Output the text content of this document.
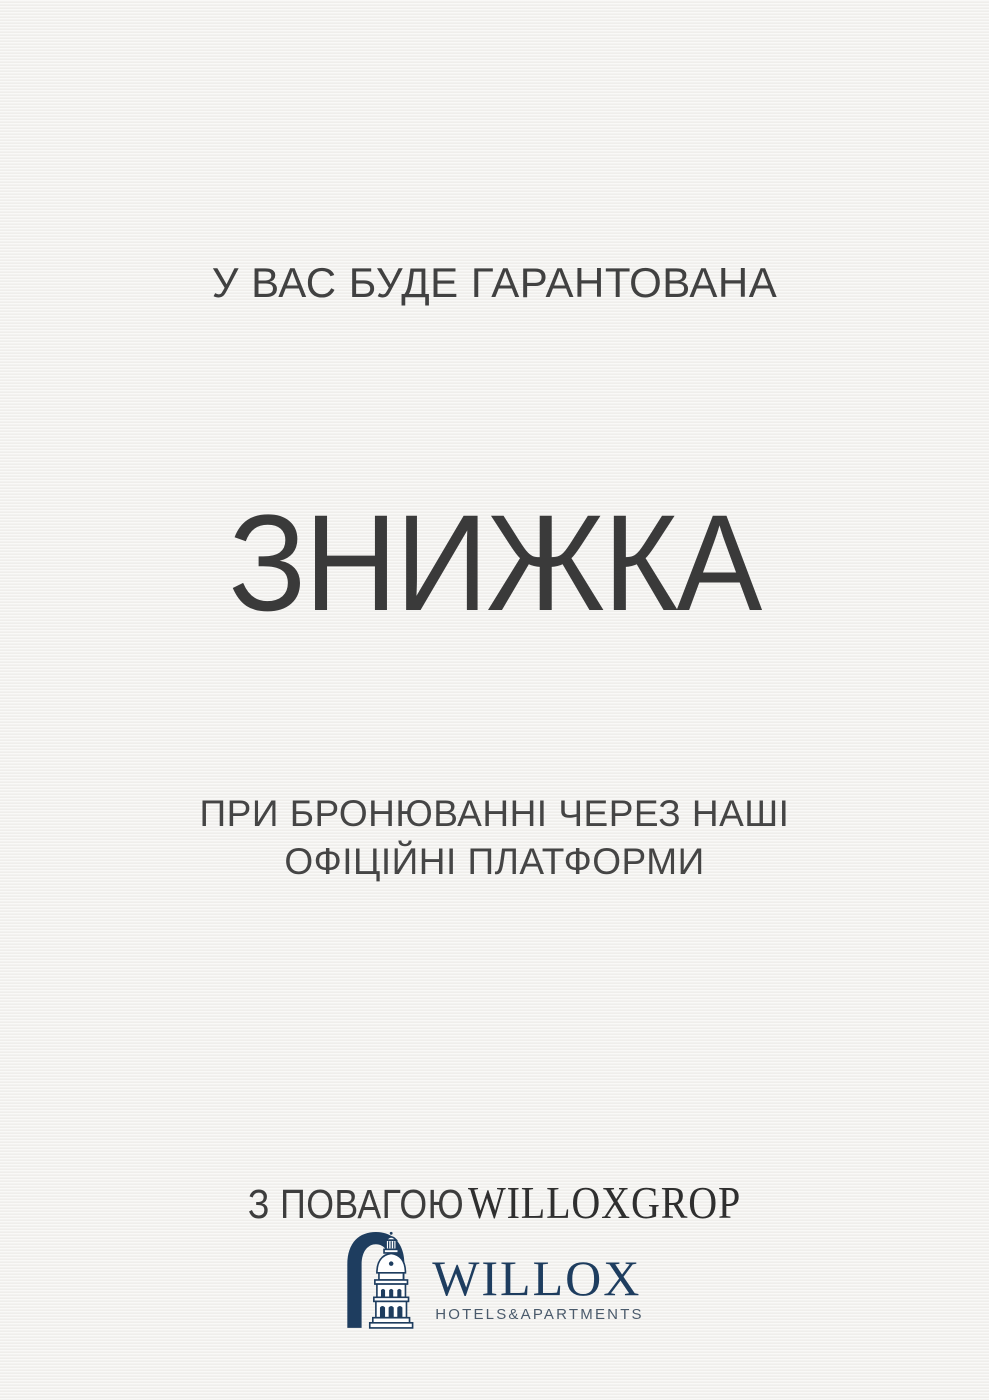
У ВАС БУДЕ ГАРАНТОВАНА
ЗНИЖКА
ПРИ БРОНЮВАННІ ЧЕРЕЗ НАШІ
ОФІЦІЙНІ ПЛАТФОРМИ
З ПОВАГОЮ WILLOXGROP
WILLOX
HOTELS&APARTMENTS
